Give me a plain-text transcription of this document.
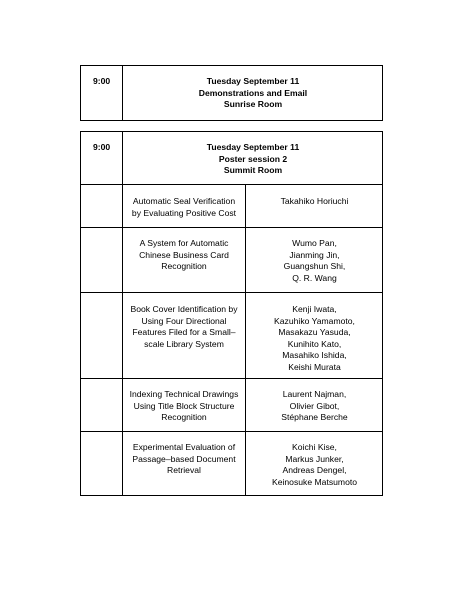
9:00	Tuesday September 11
Demonstrations and Email
Sunrise Room
9:00	Tuesday September 11
Poster session 2
Summit Room
Automatic Seal Verification
by Evaluating Positive Cost
Takahiko Horiuchi
A System for Automatic
Chinese Business Card
Recognition
Wumo Pan,
Jianming Jin,
Guangshun Shi,
Q. R. Wang
Book Cover Identification by
Using Four Directional
Features Filed for a Small–
scale Library System
Kenji Iwata,
Kazuhiko Yamamoto,
Masakazu Yasuda,
Kunihito Kato,
Masahiko Ishida,
Keishi Murata
Indexing Technical Drawings
Using Title Block Structure
Recognition
Laurent Najman,
Olivier Gibot,
Stéphane Berche
Experimental Evaluation of
Passage–based Document
Retrieval
Koichi Kise,
Markus Junker,
Andreas Dengel,
Keinosuke Matsumoto
